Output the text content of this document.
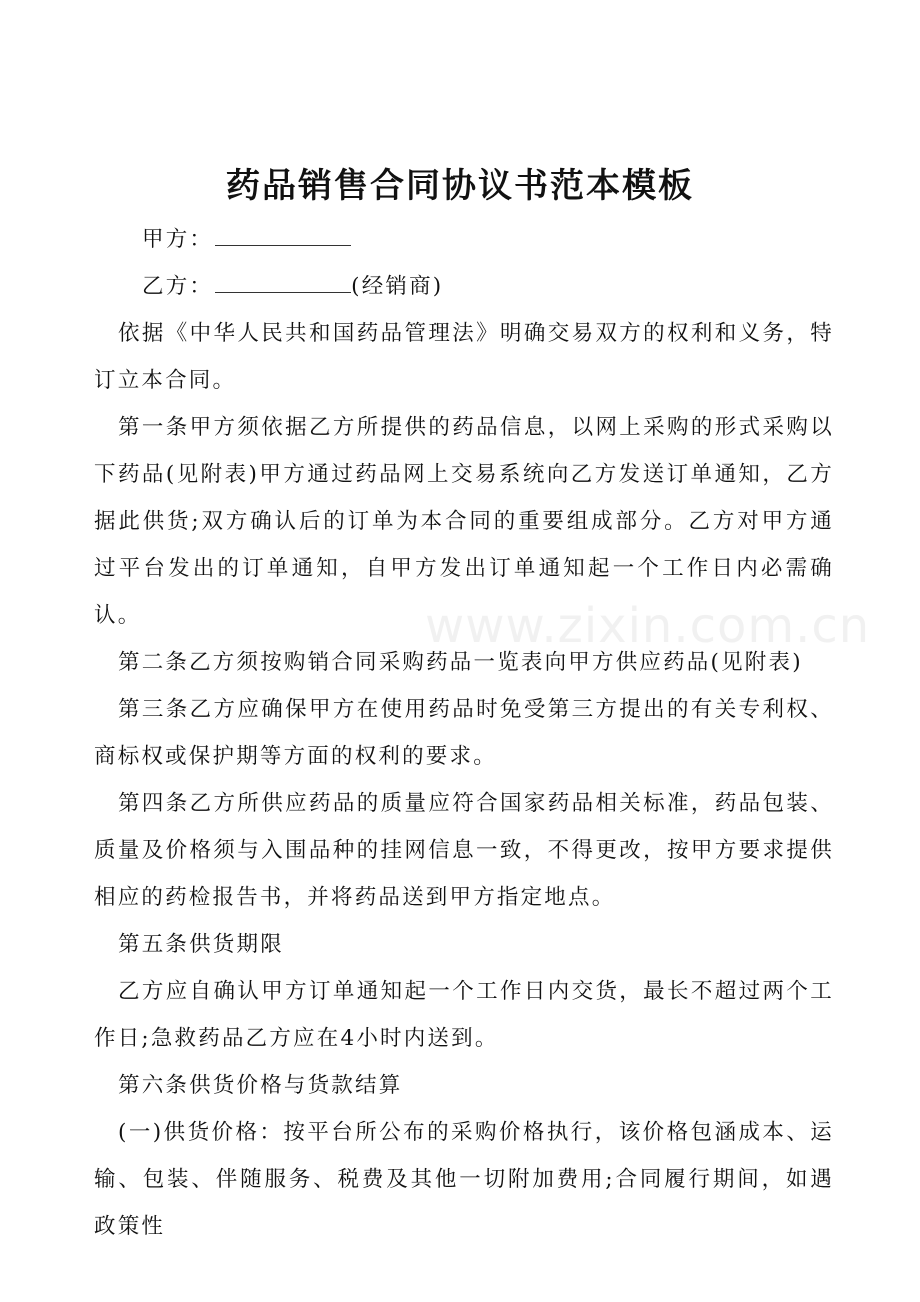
药品销售合同协议书范本模板

甲方：

乙方：	(经销商)

依据《中华人民共和国药品管理法》明确交易双方的权利和义务，特订立本合同。

第一条甲方须依据乙方所提供的药品信息，以网上采购的形式采购以下药品(见附表)甲方通过药品网上交易系统向乙方发送订单通知，乙方据此供货;双方确认后的订单为本合同的重要组成部分。乙方对甲方通过平台发出的订单通知，自甲方发出订单通知起一个工作日内必需确认。

第二条乙方须按购销合同采购药品一览表向甲方供应药品(见附表)

第三条乙方应确保甲方在使用药品时免受第三方提出的有关专利权、商标权或保护期等方面的权利的要求。

第四条乙方所供应药品的质量应符合国家药品相关标准，药品包装、质量及价格须与入围品种的挂网信息一致，不得更改，按甲方要求提供相应的药检报告书，并将药品送到甲方指定地点。

第五条供货期限

乙方应自确认甲方订单通知起一个工作日内交货，最长不超过两个工作日;急救药品乙方应在4小时内送到。

第六条供货价格与货款结算

(一)供货价格：按平台所公布的采购价格执行，该价格包涵成本、运输、包装、伴随服务、税费及其他一切附加费用;合同履行期间，如遇政策性

www.zixin.com.cn
